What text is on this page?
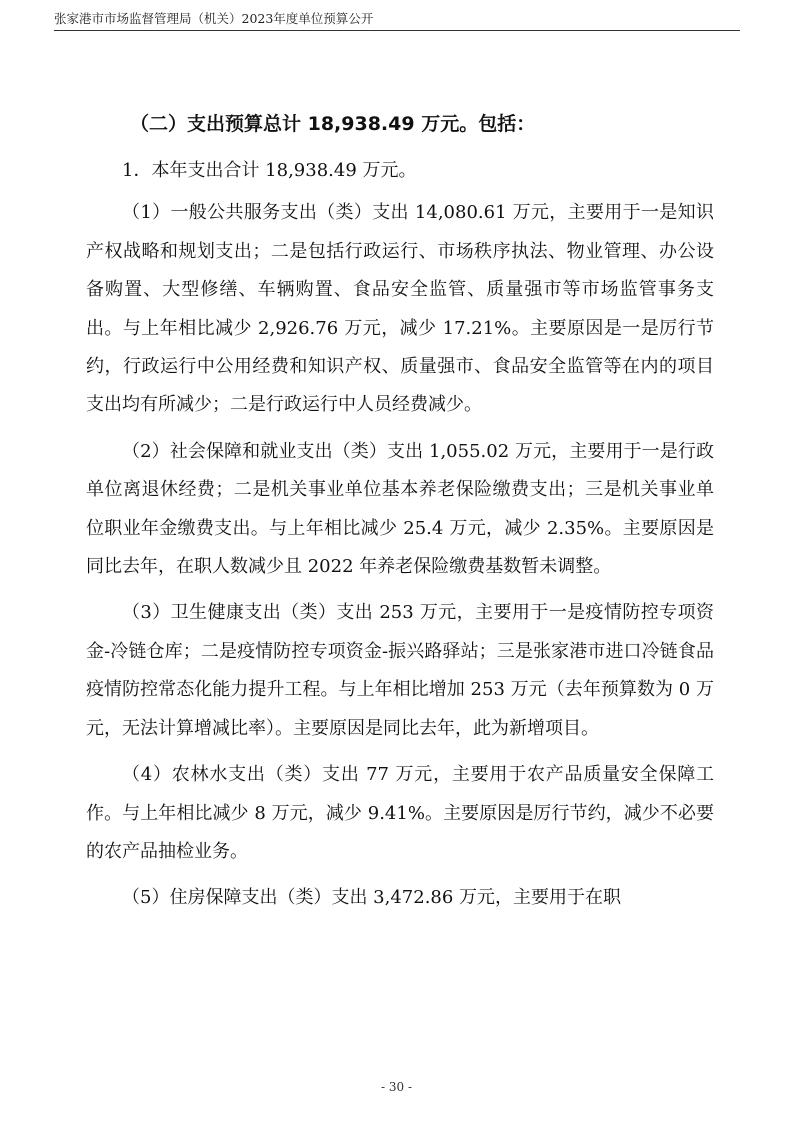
张家港市市场监督管理局（机关）2023年度单位预算公开
（二）支出预算总计 18,938.49 万元。包括：

1．本年支出合计 18,938.49 万元。

（1）一般公共服务支出（类）支出 14,080.61 万元，主要用于一是知识产权战略和规划支出；二是包括行政运行、市场秩序执法、物业管理、办公设备购置、大型修缮、车辆购置、食品安全监管、质量强市等市场监管事务支出。与上年相比减少 2,926.76 万元，减少 17.21%。主要原因是一是厉行节约，行政运行中公用经费和知识产权、质量强市、食品安全监管等在内的项目支出均有所减少；二是行政运行中人员经费减少。

（2）社会保障和就业支出（类）支出 1,055.02 万元，主要用于一是行政单位离退休经费；二是机关事业单位基本养老保险缴费支出；三是机关事业单位职业年金缴费支出。与上年相比减少 25.4 万元，减少 2.35%。主要原因是同比去年，在职人数减少且 2022 年养老保险缴费基数暂未调整。

（3）卫生健康支出（类）支出 253 万元，主要用于一是疫情防控专项资金-冷链仓库；二是疫情防控专项资金-振兴路驿站；三是张家港市进口冷链食品疫情防控常态化能力提升工程。与上年相比增加 253 万元（去年预算数为 0 万元，无法计算增减比率）。主要原因是同比去年，此为新增项目。

（4）农林水支出（类）支出 77 万元，主要用于农产品质量安全保障工作。与上年相比减少 8 万元，减少 9.41%。主要原因是厉行节约，减少不必要的农产品抽检业务。

（5）住房保障支出（类）支出 3,472.86 万元，主要用于在职

- 30 -
